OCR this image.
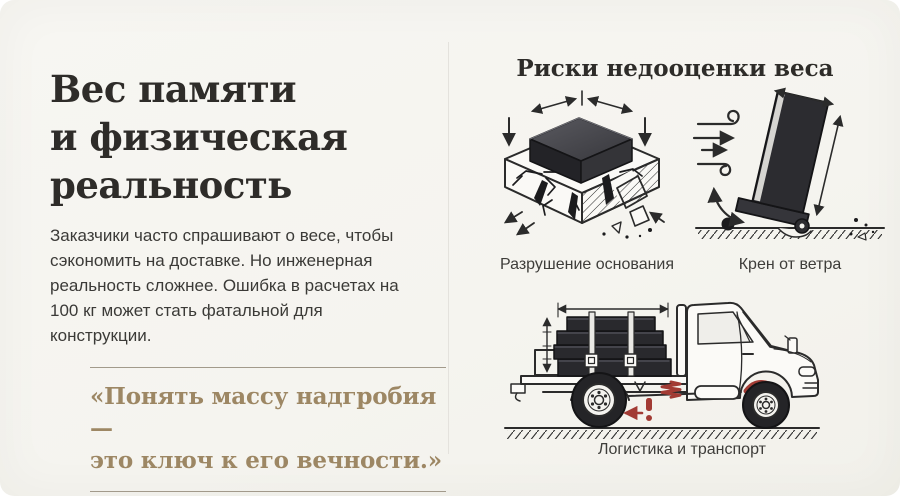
Вес памяти
и физическая
реальность

Заказчики часто спрашивают о весе, чтобы сэкономить на доставке. Но инженерная реальность сложнее. Ошибка в расчетах на 100 кг может стать фатальной для конструкции.

«Понять массу надгробия —
это ключ к его вечности.»
Риски недооценки веса
Разрушение основания	Крен от ветра
Логистика и транспорт
